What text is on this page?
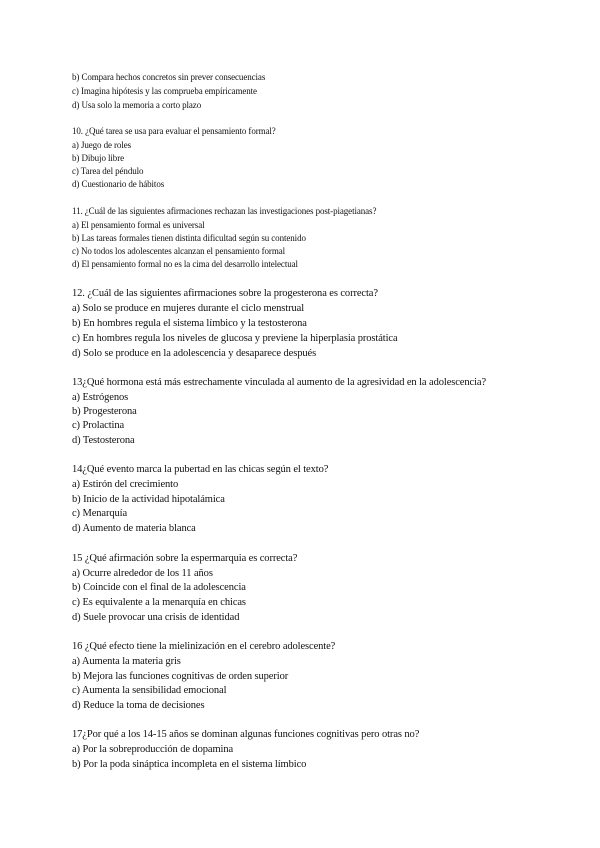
b) Compara hechos concretos sin prever consecuencias
c) Imagina hipótesis y las comprueba empíricamente
d) Usa solo la memoria a corto plazo
10. ¿Qué tarea se usa para evaluar el pensamiento formal?
a) Juego de roles
b) Dibujo libre
c) Tarea del péndulo
d) Cuestionario de hábitos
11. ¿Cuál de las siguientes afirmaciones rechazan las investigaciones post-piagetianas?
a) El pensamiento formal es universal
b) Las tareas formales tienen distinta dificultad según su contenido
c) No todos los adolescentes alcanzan el pensamiento formal
d) El pensamiento formal no es la cima del desarrollo intelectual
12. ¿Cuál de las siguientes afirmaciones sobre la progesterona es correcta?
a) Solo se produce en mujeres durante el ciclo menstrual
b) En hombres regula el sistema límbico y la testosterona
c) En hombres regula los niveles de glucosa y previene la hiperplasia prostática
d) Solo se produce en la adolescencia y desaparece después
13¿Qué hormona está más estrechamente vinculada al aumento de la agresividad en la adolescencia?
a) Estrógenos
b) Progesterona
c) Prolactina
d) Testosterona
14¿Qué evento marca la pubertad en las chicas según el texto?
a) Estirón del crecimiento
b) Inicio de la actividad hipotalámica
c) Menarquía
d) Aumento de materia blanca
15 ¿Qué afirmación sobre la espermarquia es correcta?
a) Ocurre alrededor de los 11 años
b) Coincide con el final de la adolescencia
c) Es equivalente a la menarquía en chicas
d) Suele provocar una crisis de identidad
16 ¿Qué efecto tiene la mielinización en el cerebro adolescente?
a) Aumenta la materia gris
b) Mejora las funciones cognitivas de orden superior
c) Aumenta la sensibilidad emocional
d) Reduce la toma de decisiones
17¿Por qué a los 14-15 años se dominan algunas funciones cognitivas pero otras no?
a) Por la sobreproducción de dopamina
b) Por la poda sináptica incompleta en el sistema límbico
